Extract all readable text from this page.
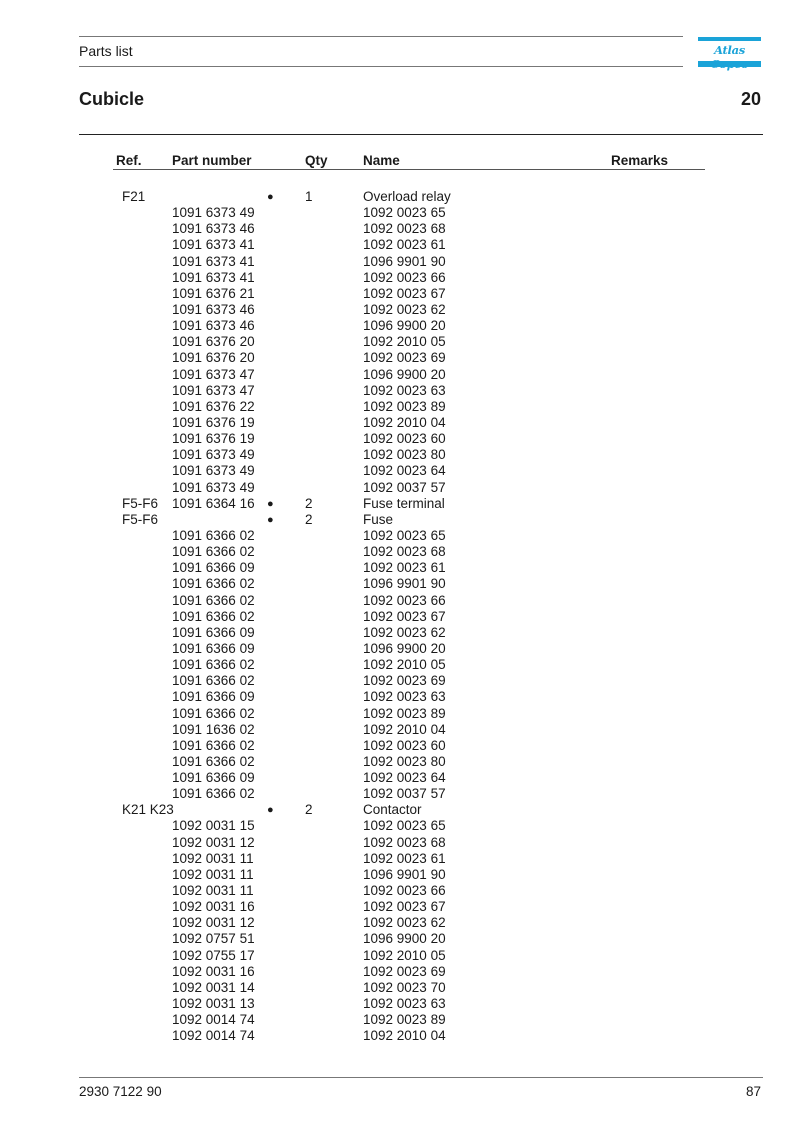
Parts list	Atlas
Cubicle	20
Ref. Part number	Qty	Name	Remarks
F21	● 1	Overload relay
1091 6373 49	1092 0023 65
1091 6373 46	1092 0023 68
1091 6373 41	1092 0023 61
1091 6373 41	1096 9901 90
1091 6373 41	1092 0023 66
1091 6376 21	1092 0023 67
1091 6373 46	1092 0023 62
1091 6373 46	1096 9900 20
1091 6376 20	1092 2010 05
1091 6376 20	1092 0023 69
1091 6373 47	1096 9900 20
1091 6373 47	1092 0023 63
1091 6376 22	1092 0023 89
1091 6376 19	1092 2010 04
1091 6376 19	1092 0023 60
1091 6373 49	1092 0023 80
1091 6373 49	1092 0023 64
1091 6373 49	1092 0037 57
F5-F6 1091 6364 16 ● 2	Fuse terminal
F5-F6	● 2	Fuse
1091 6366 02	1092 0023 65
1091 6366 02	1092 0023 68
1091 6366 09	1092 0023 61
1091 6366 02	1096 9901 90
1091 6366 02	1092 0023 66
1091 6366 02	1092 0023 67
1091 6366 09	1092 0023 62
1091 6366 09	1096 9900 20
1091 6366 02	1092 2010 05
1091 6366 02	1092 0023 69
1091 6366 09	1092 0023 63
1091 6366 02	1092 0023 89
1091 1636 02	1092 2010 04
1091 6366 02	1092 0023 60
1091 6366 02	1092 0023 80
1091 6366 09	1092 0023 64
1091 6366 02	1092 0037 57
K21 K23	● 2	Contactor
1092 0031 15	1092 0023 65
1092 0031 12	1092 0023 68
1092 0031 11	1092 0023 61
1092 0031 11	1096 9901 90
1092 0031 11	1092 0023 66
1092 0031 16	1092 0023 67
1092 0031 12	1092 0023 62
1092 0757 51	1096 9900 20
1092 0755 17	1092 2010 05
1092 0031 16	1092 0023 69
1092 0031 14	1092 0023 70
1092 0031 13	1092 0023 63
1092 0014 74	1092 0023 89
1092 0014 74	1092 2010 04
2930 7122 90	87
